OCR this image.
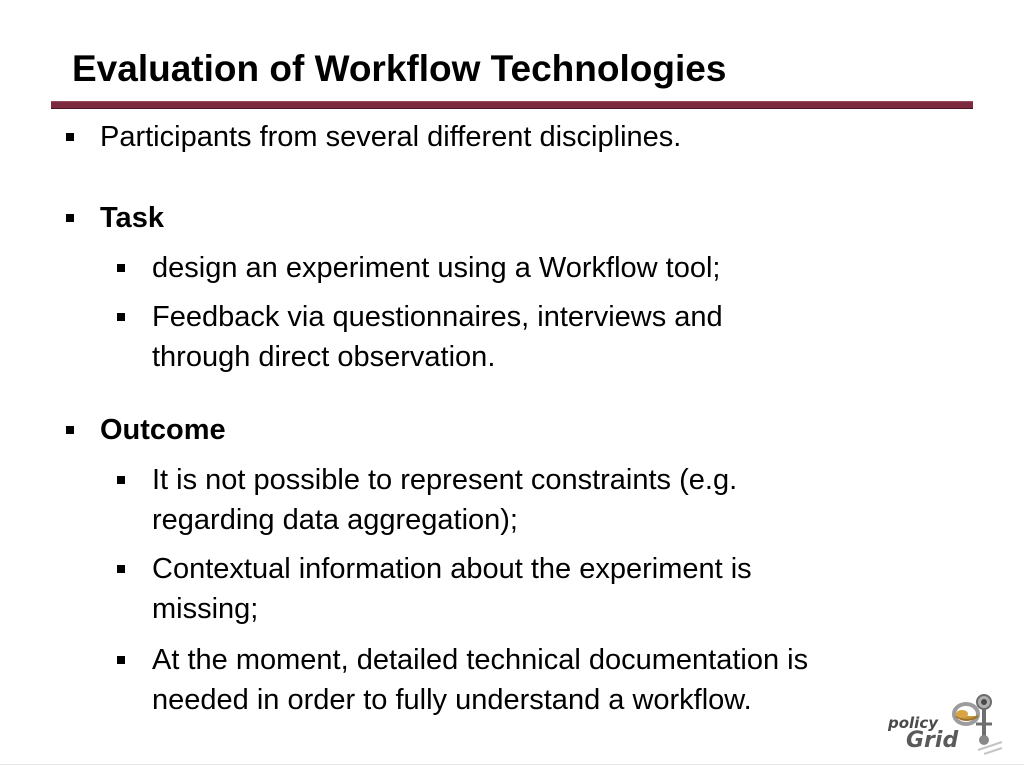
Evaluation of Workflow Technologies
Participants from several different disciplines.
Task
design an experiment using a Workflow tool;
Feedback via questionnaires, interviews and
through direct observation.
Outcome
It is not possible to represent constraints (e.g.
regarding data aggregation);
Contextual information about the experiment is
missing;
At the moment, detailed technical documentation is
needed in order to fully understand a workflow.
policy
Grid
